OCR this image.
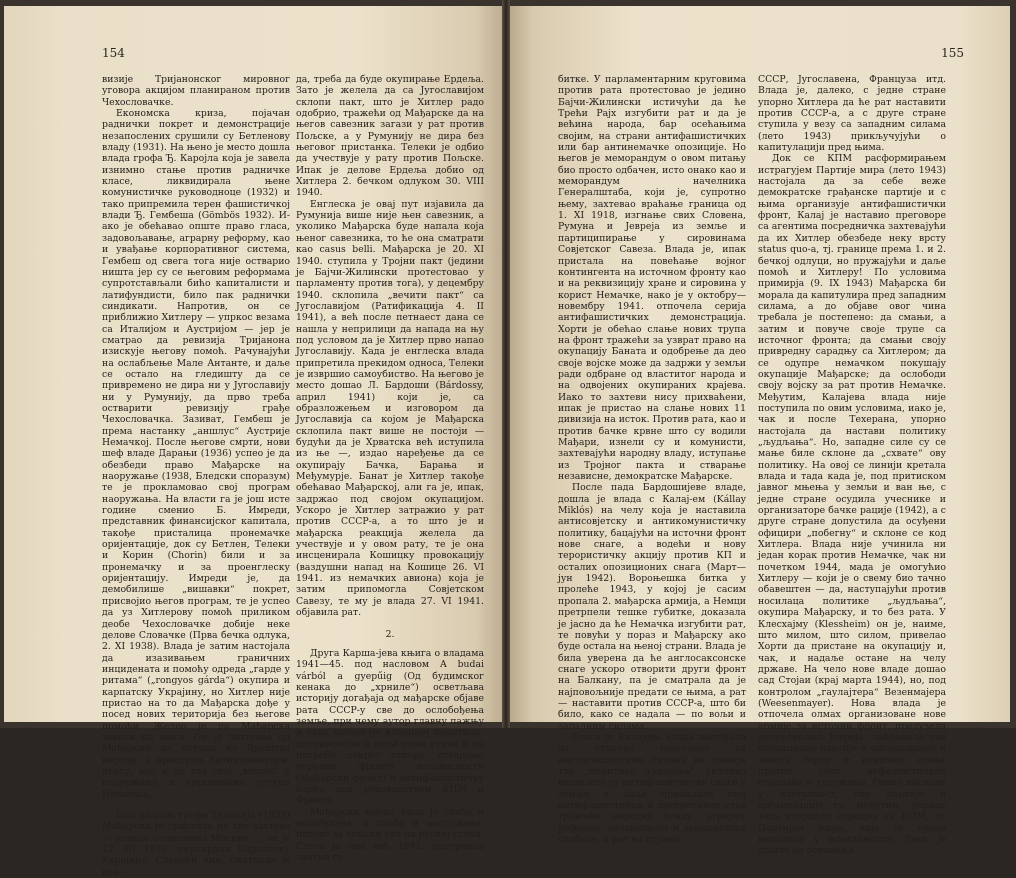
154

визије Тријанонског мировног уговора акцијом планираном против Чехословачке.

Економска криза, појачан раднички покрет и демонстрације незапослених срушили су Бетленову владу (1931). На њено је место дошла влада грофа Ђ. Каројла која је завела изнимно стање против радничке класе, ликвидирала њене комунистичке руководноце (1932) и тако припремила терен фашистичкој влади Ђ. Гембеша (Gömbös 1932). И-ако је обећавао опште право гласа, задовољавање, аграрну реформу, као и увађање корпоративног система, Гембеш од свега тога није остварио ништа јер су се његовим реформама супротстављали бићо капиталисти и латифундисти, било пак раднички синдикати. Напротив, он се приближио Хитлеру — упркос везама са Италијом и Аустријом — јер је сматрао да ревизија Тријанона изискује његову помоћ. Рачунајући на ослабљење Мале Антанте, и даље се остало на гледишту да се привремено не дира ни у Југославију ни у Румунију, да прво треба остварити ревизију грађе Чехословачка. Зазиват, Гембеш је према настанку „аншлус“ Аустрије Немачкој. После његове смрти, нови шеф владе Дарањи (1936) успео је да обезбеди право Мађарске на наоружање (1938, Бледски споразум) те је прокламовао свој програм наоружања. На власти га је још исте године сменио Б. Имреди, представник финансијског капитала, такође присталица пронемачке оријентације, док су Бетлен, Телеки и Корин (Chorin) били и за пронемачку и за проенглеску оријентацију. Имреди је, да демобилише „вишавки“ покрет, присвојио његов програм, те је успео да уз Хитлерову помоћ приликом деобе Чехословачке добије неке делове Словачке (Прва бечка одлука, 2. XI 1938). Влада је затим настојала да изазивањем граничних инцидената и помоћу одреда „гарде у ритама“ („rongyos gárda“) окупира и карпатску Украјину, но Хитлер није пристао на то да Мађарска дође у посед нових територија без његове помоћи. Желео је да Мађарска зависи од њега. Он је захтевао од Мађарске да иступи из Друштва народа, а приступи Антикоминтерн-пакту, као и да сав свој „вишак“ у наоружању и сировинама уступи Немачкој.

Под владом грофа Телекија (1939) Мађарска је пристала на све захтеве — упркос опоменама Москве —, те је 12. III 1939. окупирала Карпатску Украјину. Следећи чин, сматрала је вла-

да, треба да буде окупирање Ердеља. Зато је желела да са Југославијом склопи пакт, што је Хитлер радо одобрио, тражећи од Мађарске да на његов савезник загази у рат против Пољске, а у Румунију не дира без његовог пристанка. Телеки је одбио да учествује у рату против Пољске. Ипак је делове Ердеља добио од Хитлера 2. бечком одлуком 30. VIII 1940.

Енглеска је овај пут изјавила да Румунија више није њен савезник, а уколико Мађарска буде напала која њеног савезника, то ће она сматрати као casus belli. Мађарска је 20. XI 1940. ступила у Тројни пакт (једини је Бајчи-Жилински протестовао у парламенту против тога), у децембру 1940. склопила „вечити пакт“ са Југославијом (Ратификација 4. II 1941), а већ после петнаест дана се нашла у неприлици да напада на њу под условом да је Хитлер прво напао Југославију. Када је енглеска влада припретила прекидом односа, Телеки је извршио самоубиство. На његово је место дошао Л. Бардоши (Bárdossy, април 1941) који је, са образложењем и изговором да Југославија са којом је Мађарска склопила пакт више не постоји — будући да је Хрватска већ иступила из ње —, издао наређење да се окупирају Бачка, Барања и Међумурје. Банат је Хитлер такође обећавао Мађарској, али га је, ипак, задржао под својом окупацијом. Ускоро је Хитлер затражио у рат против СССР-а, а то што је и мађарска реакција желела да учествује и у овом рату, те је она инсценирала Кошицку провокацију (ваздушни напад на Кошице 26. VI 1941. из немачких авиона) која је затим припомогла Совјетском Савезу, те му је влада 27. VI 1941. објавила рат.

2.

Друга Карша-јева књига о владама 1941—45. под насловом А budai várból a gyepűig (Од будимског кенака до „хрниле“) осветљава историју догађаја од мађарске објаве рата СССР-у све до ослобођења земље, при чему аутор главну пажњу и сада посвећује владиној политици, доприносећи и даље само усиле и по потреби покрет отпора, стварање народне фронте независности (Мађарски фронт) и антифашистичку борбу под руководством КПМ и Фронта.

Мађарска војска била је слаба и малобројна, а слабо и наоружана, потово за зимски рат на руској степи. Стога је она већ 1941. претрпела знатне гу-

155

битке. У парламентарним круговима против рата протестовао је једино Бајчи-Жилински истичући да ће Трећи Рајх изгубити рат и да је већина народа, бар осећањима својим, на страни антифашистичких или бар антинемачке опозиције. Но његов је меморандум о овом питању био просто одбачен, исто онако као и меморандум начелника Генералштаба, који је, супротно њему, захтевао враћање граница од 1. XI 1918, изгнање свих Словена, Румуна и Јевреја из земље и партиципирање у сировинама Совјетског Савеза. Влада је, ипак пристала на повећање војног контингента на источном фронту као и на реквизицију хране и сировина у корист Немачке, нако је у октобру—новембру 1941. отпочела серија антифашистичких демонстрација. Хорти је обећао слање нових трупа на фронт тражећи за узврат право на окупацију Баната и одобрење да део своје војске може да задржи у земљи ради одбране од властитог народа и на одвојених окупираних крајева. Иако то захтеви нису прихваћени, ипак је пристао на слање нових 11 дивизија на исток. Против рата, као и против бачке крвне што су водили Мађари, изнели су и комунисти, захтевајући народну владу, иступање из Тројног пакта и стварање независне, демократске Мађарске.

После пада Бардошијеве владе, дошла је влада с Калај-ем (Kállay Miklós) на челу која је наставила антисовјетску и антикомунистичку политику, бацајући на источни фронт нове снаге, а водећи и нову терористичку акцију против КП и осталих опозиционих снага (Март—јун 1942). Вороњешка битка у пролеће 1943, у којој је сасим пропала 2. мађарска армија, а Немци претрпели тешке губитке, доказала је јасно да ће Немачка изгубити рат, те повући у пораз и Мађарску ако буде остала на њеној страни. Влада је била уверена да ће англосаксонске снаге ускоро отворити други фронт на Балкану, па је сматрала да је најповољније предати се њима, а рат — наставити против СССР-а, што би било, како се надала — по вољи и западним силама.

Стога је Калајева влада настојала да отпочне преговоре са англосаксонским силама на линији тзв. „политике људљање“, уколико више што су антифашистичке снаге у земљи и даље припадале свој антифашистички и прогресивни став тражећи народну владу, аграрну реформу, независност и демократске слободе, а рат на страни

СССР, Југославена, Француза итд. Влада је, далеко, с једне стране упорно Хитлера да ће рат наставити против СССР-а, а с друге стране ступила у везу са западним силама (лето 1943) прикључујући о капитулацији пред њима.

Док се КПМ расформирањем истрагујем Партије мира (лето 1943) настојала да за себе веже демократске грађанске партије и с њима организује антифашистички фронт, Калај је наставио преговоре са агентима посредничка захтевајући да их Хитлер обезбеде неку врсту status quo-a, тј. границе према 1. и 2. бечкој одлуци, но пружајући и даље помоћ и Хитлеру! По условима примирја (9. IX 1943) Мађарска би морала да капитулира пред западним силама, а до објаве овог чина требала је постепено: да смањи, а затим и повуче своје трупе са источног фронта; да смањи своју привредну сарадњу са Хитлером; да се одупре немачком покушају окупације Мађарске; да ослободи своју војску за рат против Немачке. Међутим, Калајева влада није поступила по овим условима, иако је, чак и после Техерана, упорно настојала да настави политику „људљања“. Но, западне силе су се мање биле склоне да „схвате“ ову политику. На овој се линији кретала влада и тада када је, под притиском јавног мњења у земљи и ван ње, с једне стране осудила учеснике и организаторе бачке рације (1942), а с друге стране допустила да осуђени официри „побегну“ и склоне се код Хитлера. Влада није учинила ни један корак против Немачке, чак ни почетком 1944, мада је омогућио Хитлеру — који је о свему био тачно обавештен — да, наступајући против носилаца политике „људљања“, окупира Мађарску, и то без рата. У Клесхајму (Klessheim) он је, наиме, што милом, што силом, привелао Хорти да пристане на окупацију и, чак, и надаље остане на челу државе. На чело нове владе дошао сад Стојаи (крај марта 1944), но, под контролом „гаулајтера“ Везенмајера (Weesenmayer). Нова влада је отпочела олмах организоване нове армије за источни фронт, предузела депортирање Јевреја, забранила све опозиционе партије и организације и завела терор и изнимно стање против свих нефашистичких странака и удружења. Овако нагнане у илегалност, ове партије и организације су, међутим, упркос тада утврдиле сарадњу са КПМ, тј. Партијом мира, која се сјајно налазила у илегалности. Тако је дошло до оснивања
